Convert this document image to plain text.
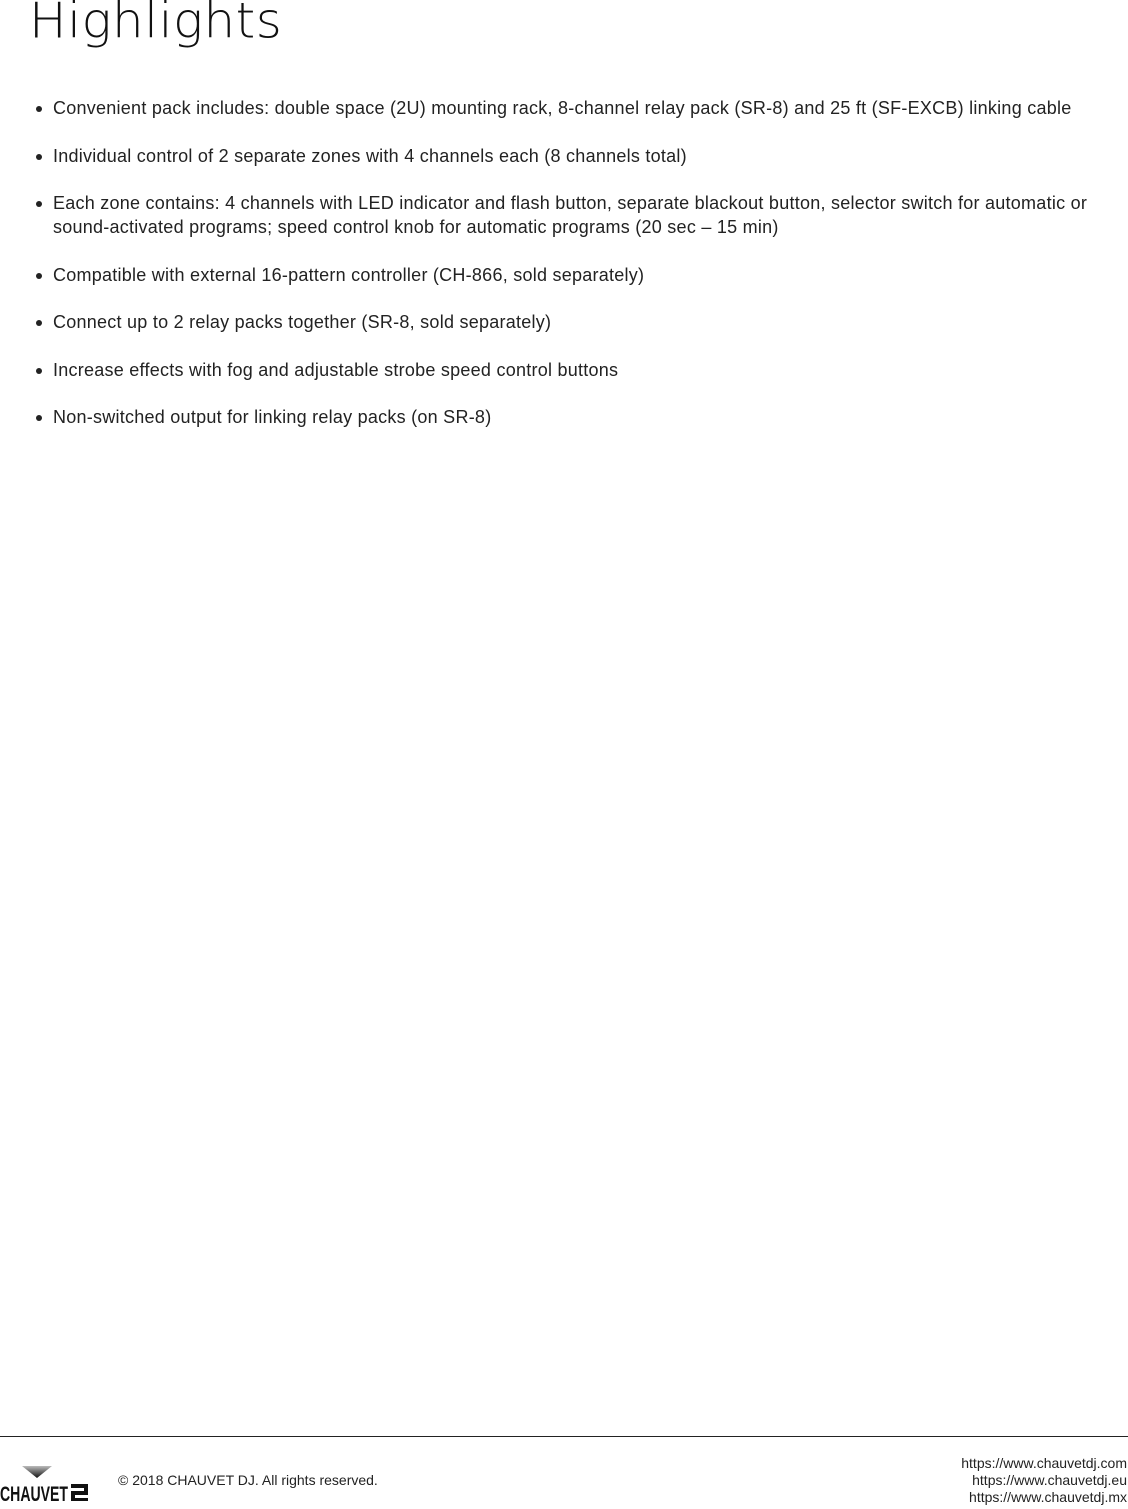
Highlights
Convenient pack includes: double space (2U) mounting rack, 8-channel relay pack (SR-8) and 25 ft (SF-EXCB) linking cable
Individual control of 2 separate zones with 4 channels each (8 channels total)
Each zone contains: 4 channels with LED indicator and flash button, separate blackout button, selector switch for automatic or sound-activated programs; speed control knob for automatic programs (20 sec – 15 min)
Compatible with external 16-pattern controller (CH-866, sold separately)
Connect up to 2 relay packs together (SR-8, sold separately)
Increase effects with fog and adjustable strobe speed control buttons
Non-switched output for linking relay packs (on SR-8)
CHAUVET
© 2018 CHAUVET DJ. All rights reserved.
https://www.chauvetdj.com
https://www.chauvetdj.eu
https://www.chauvetdj.mx
